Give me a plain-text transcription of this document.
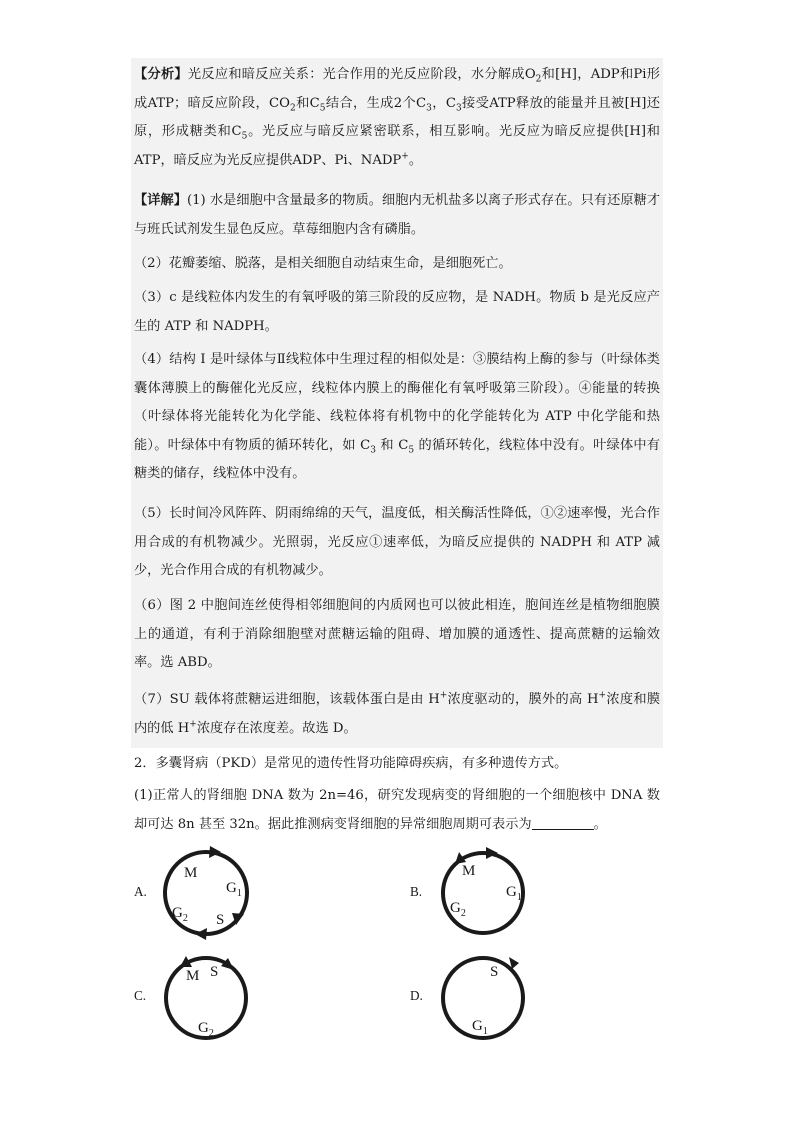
【分析】光反应和暗反应关系：光合作用的光反应阶段，水分解成$O_2$和[H]，ADP和Pi形成ATP；暗反应阶段，$CO_2$和$C_5$结合，生成2个$C_3$，$C_3$接受ATP释放的能量并且被[H]还原，形成糖类和$C_5$。光反应与暗反应紧密联系，相互影响。光反应为暗反应提供[H]和ATP，暗反应为光反应提供ADP、Pi、NADP+。

【详解】(1) 水是细胞中含量最多的物质。细胞内无机盐多以离子形式存在。只有还原糖才与班氏试剂发生显色反应。草莓细胞内含有磷脂。

（2）花瓣萎缩、脱落，是相关细胞自动结束生命，是细胞死亡。

（3）c 是线粒体内发生的有氧呼吸的第三阶段的反应物，是 NADH。物质 b 是光反应产生的 ATP 和 NADPH。

（4）结构 I 是叶绿体与Ⅱ线粒体中生理过程的相似处是：③膜结构上酶的参与（叶绿体类囊体薄膜上的酶催化光反应，线粒体内膜上的酶催化有氧呼吸第三阶段）。④能量的转换（叶绿体将光能转化为化学能、线粒体将有机物中的化学能转化为 ATP 中化学能和热能）。叶绿体中有物质的循环转化，如 $C_3$ 和 $C_5$ 的循环转化，线粒体中没有。叶绿体中有糖类的储存，线粒体中没有。

（5）长时间冷风阵阵、阴雨绵绵的天气，温度低，相关酶活性降低，①②速率慢，光合作用合成的有机物减少。光照弱，光反应①速率低，为暗反应提供的 NADPH 和 ATP 减少，光合作用合成的有机物减少。

（6）图 2 中胞间连丝使得相邻细胞间的内质网也可以彼此相连，胞间连丝是植物细胞膜上的通道，有利于消除细胞壁对蔗糖运输的阻碍、增加膜的通透性、提高蔗糖的运输效率。选 ABD。

（7）SU 载体将蔗糖运进细胞，该载体蛋白是由 H+浓度驱动的，膜外的高 H+浓度和膜内的低 H+浓度存在浓度差。故选 D。

2．多囊肾病（PKD）是常见的遗传性肾功能障碍疾病，有多种遗传方式。

(1)正常人的肾细胞 DNA 数为 2n=46，研究发现病变的肾细胞的一个细胞核中 DNA 数却可达 8n 甚至 32n。据此推测病变肾细胞的异常细胞周期可表示为	。

A.	B.
C.	D.
M
$G_1$
S
$G_2$
M
$G_1$
$G_2$
M S
$G_2$
S
$G_1$
